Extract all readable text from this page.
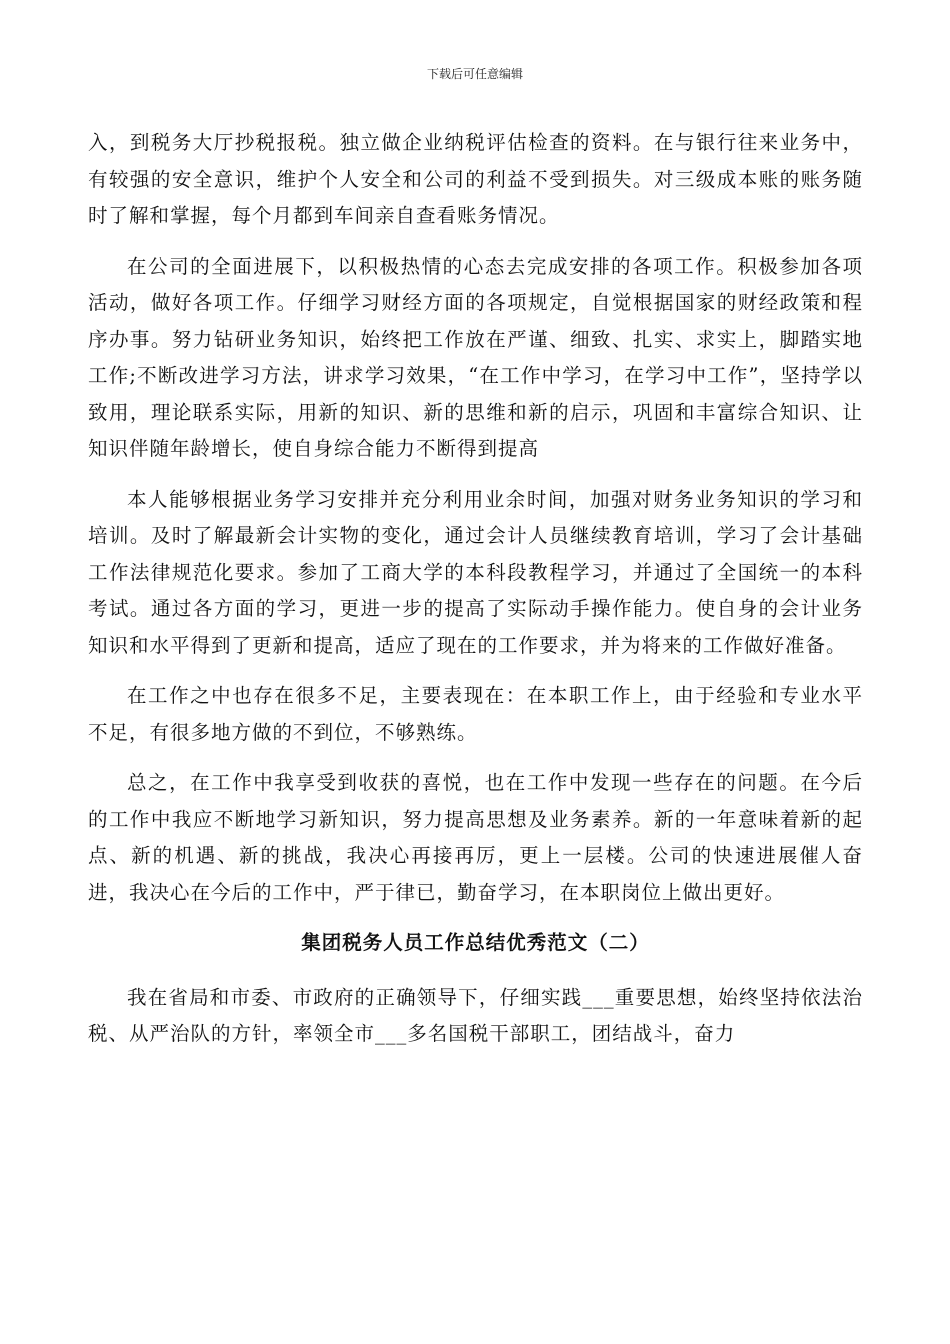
下载后可任意编辑

入，到税务大厅抄税报税。独立做企业纳税评估检查的资料。在与银行往来业务中，有较强的安全意识，维护个人安全和公司的利益不受到损失。对三级成本账的账务随时了解和掌握，每个月都到车间亲自查看账务情况。

在公司的全面进展下，以积极热情的心态去完成安排的各项工作。积极参加各项活动，做好各项工作。仔细学习财经方面的各项规定，自觉根据国家的财经政策和程序办事。努力钻研业务知识，始终把工作放在严谨、细致、扎实、求实上，脚踏实地工作;不断改进学习方法，讲求学习效果，“在工作中学习，在学习中工作”，坚持学以致用，理论联系实际，用新的知识、新的思维和新的启示，巩固和丰富综合知识、让知识伴随年龄增长，使自身综合能力不断得到提高

本人能够根据业务学习安排并充分利用业余时间，加强对财务业务知识的学习和培训。及时了解最新会计实物的变化，通过会计人员继续教育培训，学习了会计基础工作法律规范化要求。参加了工商大学的本科段教程学习，并通过了全国统一的本科考试。通过各方面的学习，更进一步的提高了实际动手操作能力。使自身的会计业务知识和水平得到了更新和提高，适应了现在的工作要求，并为将来的工作做好准备。

在工作之中也存在很多不足，主要表现在：在本职工作上，由于经验和专业水平不足，有很多地方做的不到位，不够熟练。

总之，在工作中我享受到收获的喜悦，也在工作中发现一些存在的问题。在今后的工作中我应不断地学习新知识，努力提高思想及业务素养。新的一年意味着新的起点、新的机遇、新的挑战，我决心再接再厉，更上一层楼。公司的快速进展催人奋进，我决心在今后的工作中，严于律已，勤奋学习，在本职岗位上做出更好。

集团税务人员工作总结优秀范文（二）

我在省局和市委、市政府的正确领导下，仔细实践___重要思想，始终坚持依法治税、从严治队的方针，率领全市___多名国税干部职工，团结战斗，奋力
